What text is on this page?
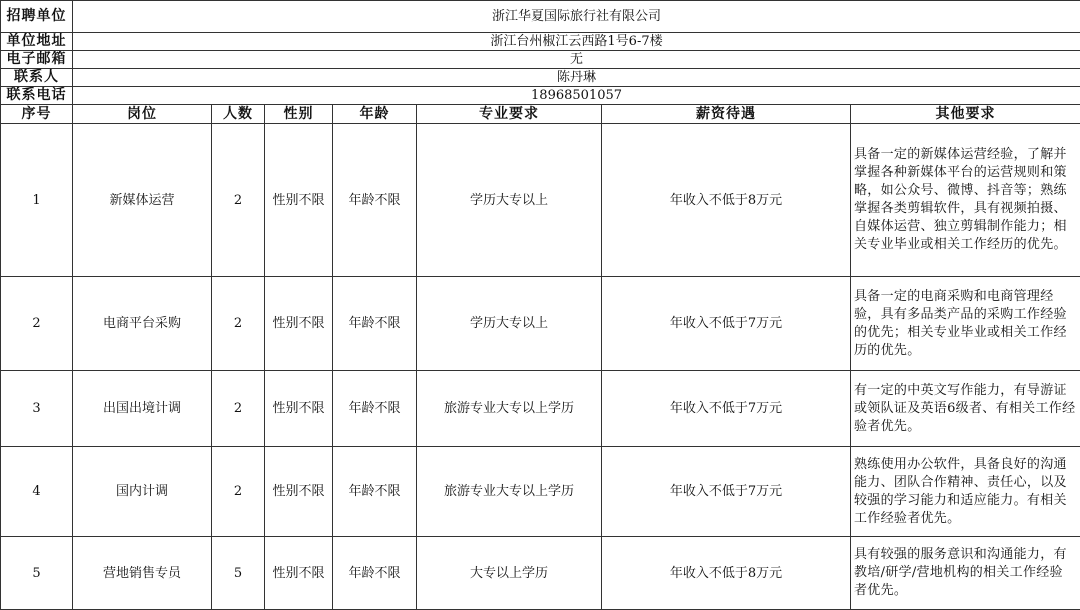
招聘单位	浙江华夏国际旅行社有限公司						
单位地址	浙江台州椒江云西路1号6-7楼						
电子邮箱	无						
联系人	陈丹琳						
联系电话	18968501057						
序号	岗位	人数	性别	年龄	专业要求	薪资待遇	其他要求
1	新媒体运营	2	性别不限	年龄不限	学历大专以上	年收入不低于8万元	具备一定的新媒体运营经验，了解并掌握各种新媒体平台的运营规则和策略，如公众号、微博、抖音等；熟练掌握各类剪辑软件，具有视频拍摄、自媒体运营、独立剪辑制作能力；相关专业毕业或相关工作经历的优先。
2	电商平台采购	2	性别不限	年龄不限	学历大专以上	年收入不低于7万元	具备一定的电商采购和电商管理经验，具有多品类产品的采购工作经验的优先；相关专业毕业或相关工作经历的优先。
3	出国出境计调	2	性别不限	年龄不限	旅游专业大专以上学历	年收入不低于7万元	有一定的中英文写作能力，有导游证或领队证及英语6级者、有相关工作经验者优先。
4	国内计调	2	性别不限	年龄不限	旅游专业大专以上学历	年收入不低于7万元	熟练使用办公软件，具备良好的沟通能力、团队合作精神、责任心，以及较强的学习能力和适应能力。有相关工作经验者优先。
5	营地销售专员	5	性别不限	年龄不限	大专以上学历	年收入不低于8万元	具有较强的服务意识和沟通能力，有教培/研学/营地机构的相关工作经验者优先。
